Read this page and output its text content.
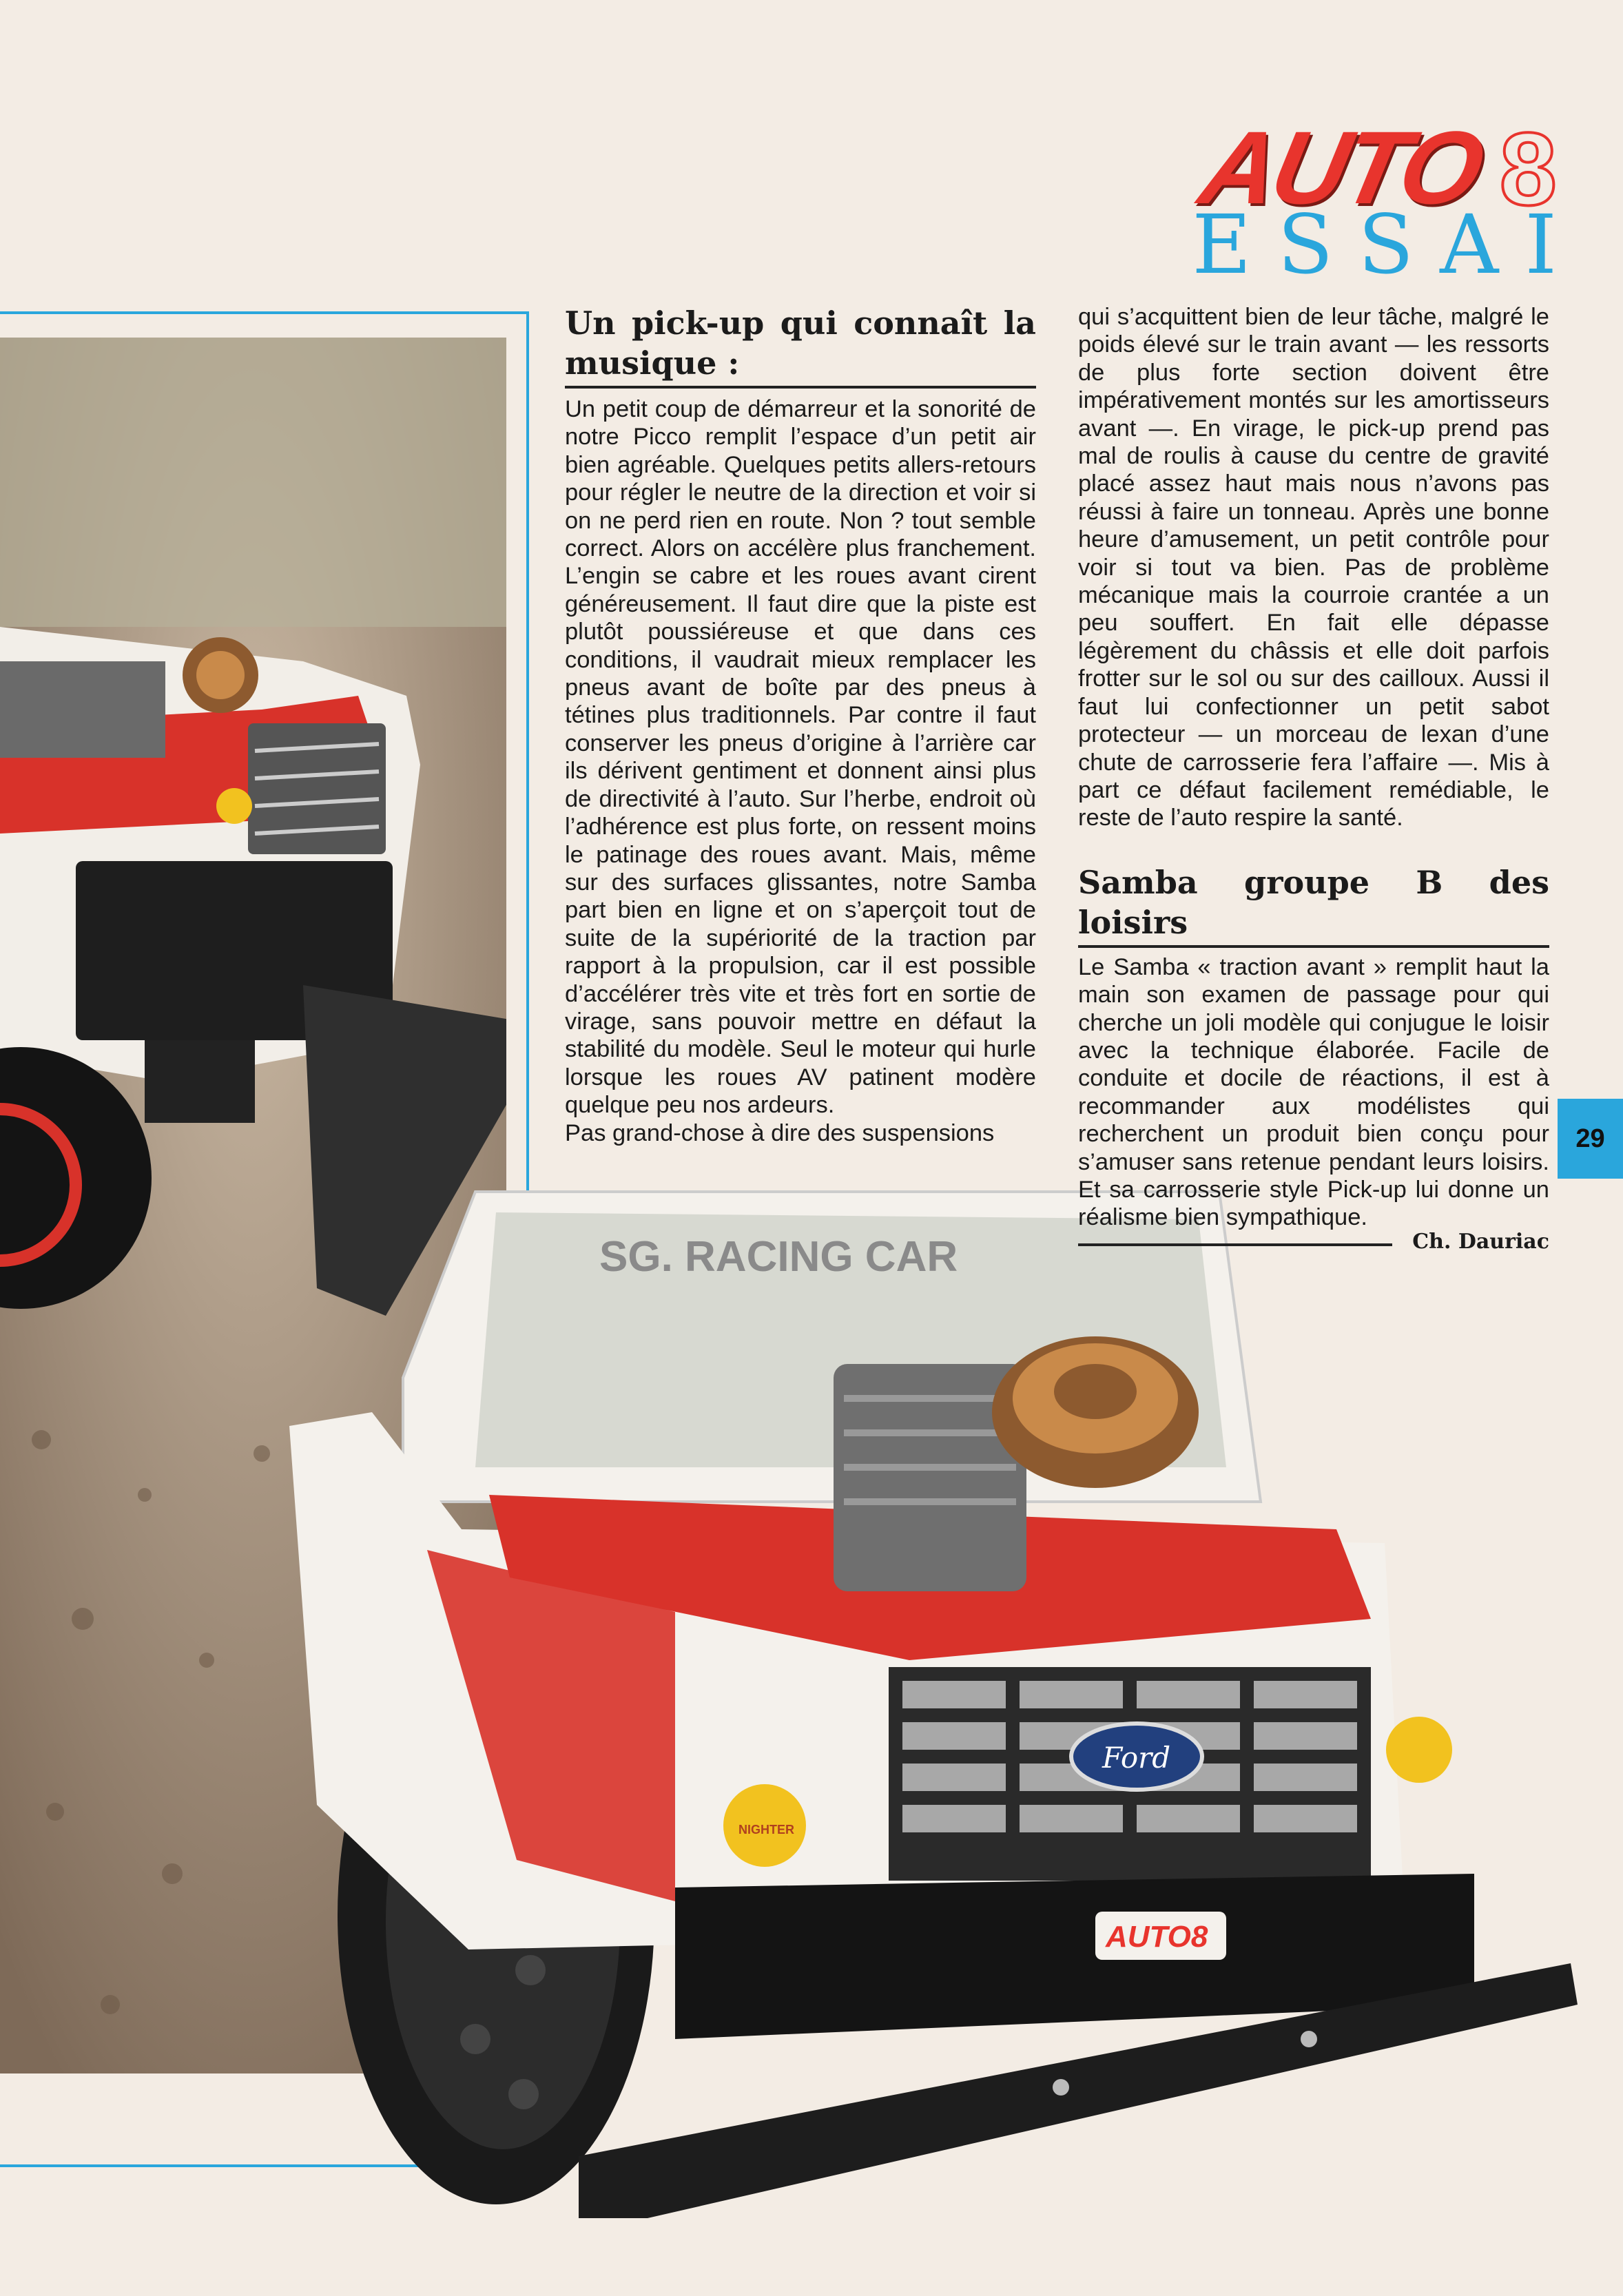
AUTO 8
ESSAI
SG. RACING CAR
Ford
AUTO8
NIGHTER
Un pick-up qui connaît la musique :

Un petit coup de démarreur et la sonorité de notre Picco remplit l’espace d’un petit air bien agréable. Quelques petits allers-retours pour régler le neutre de la direction et voir si on ne perd rien en route. Non ? tout semble correct. Alors on accélère plus franchement. L’engin se cabre et les roues avant cirent généreusement. Il faut dire que la piste est plutôt poussiéreuse et que dans ces conditions, il vaudrait mieux remplacer les pneus avant de boîte par des pneus à tétines plus traditionnels. Par contre il faut conserver les pneus d’origine à l’arrière car ils dérivent gentiment et donnent ainsi plus de directivité à l’auto. Sur l’herbe, endroit où l’adhérence est plus forte, on ressent moins le patinage des roues avant. Mais, même sur des surfaces glissantes, notre Samba part bien en ligne et on s’aperçoit tout de suite de la supériorité de la traction par rapport à la propulsion, car il est possible d’accélérer très vite et très fort en sortie de virage, sans pouvoir mettre en défaut la stabilité du modèle. Seul le moteur qui hurle lorsque les roues AV patinent modère quelque peu nos ardeurs.

Pas grand-chose à dire des suspensions

qui s’acquittent bien de leur tâche, malgré le poids élevé sur le train avant — les ressorts de plus forte section doivent être impérativement montés sur les amortisseurs avant —. En virage, le pick-up prend pas mal de roulis à cause du centre de gravité placé assez haut mais nous n’avons pas réussi à faire un tonneau. Après une bonne heure d’amusement, un petit contrôle pour voir si tout va bien. Pas de problème mécanique mais la courroie crantée a un peu souffert. En fait elle dépasse légèrement du châssis et elle doit parfois frotter sur le sol ou sur des cailloux. Aussi il faut lui confectionner un petit sabot protecteur — un morceau de lexan d’une chute de carrosserie fera l’affaire —. Mis à part ce défaut facilement remédiable, le reste de l’auto respire la santé.

Samba groupe B des loisirs

Le Samba « traction avant » remplit haut la main son examen de passage pour qui cherche un joli modèle qui conjugue le loisir avec la technique élaborée. Facile de conduite et docile de réactions, il est à recommander aux modélistes qui recherchent un produit bien conçu pour s’amuser sans retenue pendant leurs loisirs. Et sa carrosserie style Pick-up lui donne un réalisme bien sympathique.

Ch. Dauriac
29
